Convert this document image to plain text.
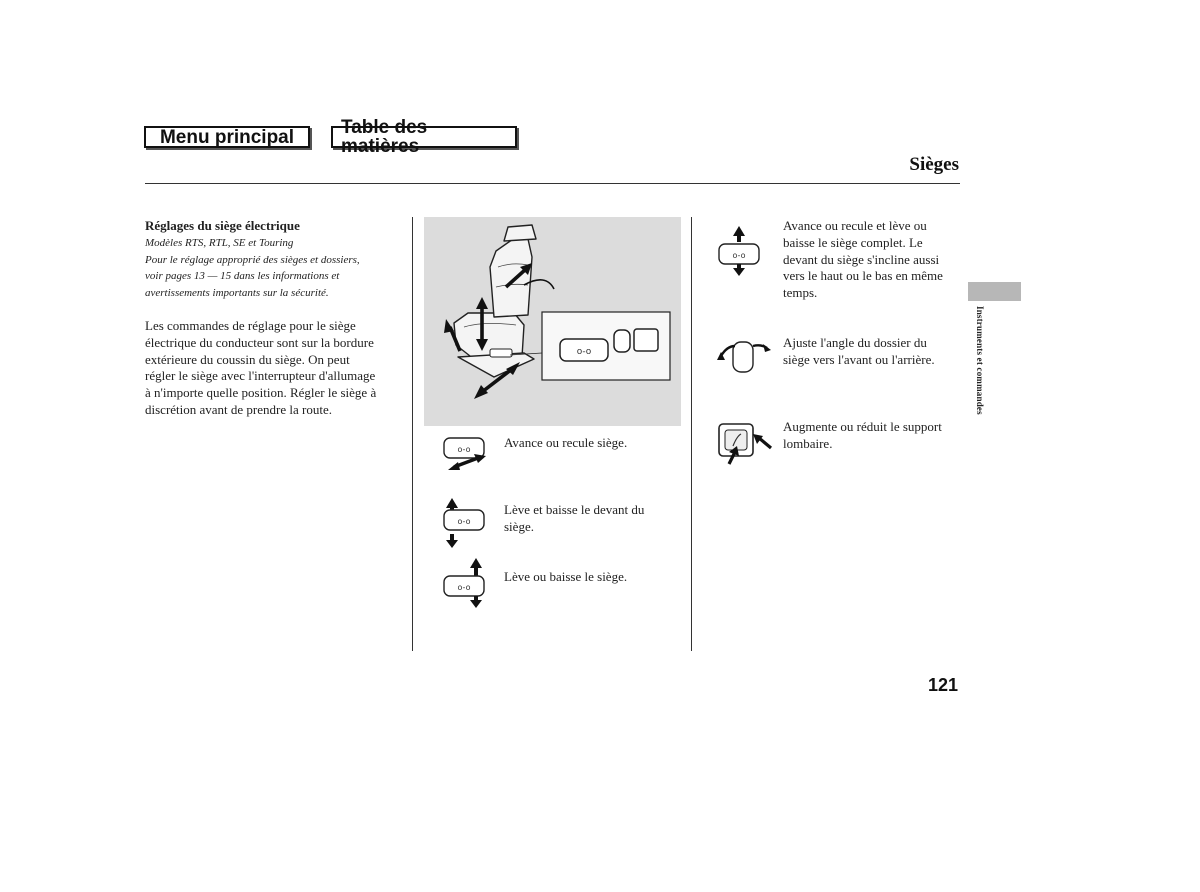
Menu principal	Table des matières
Sièges
Réglages du siège électrique
Modèles RTS, RTL, SE et Touring
Pour le réglage approprié des sièges et dossiers,
voir pages 13 — 15 dans les informations et
avertissements importants sur la sécurité.
Les commandes de réglage pour le siège
électrique du conducteur sont sur la bordure
extérieure du coussin du siège. On peut
régler le siège avec l'interrupteur d'allumage
à n'importe quelle position. Régler le siège à
discrétion avant de prendre la route.
o-o
o-o
o-o
o-o
Avance ou recule siège.
Lève et baisse le devant du
siège.
Lève ou baisse le siège.
o-o
Avance ou recule et lève ou
baisse le siège complet. Le
devant du siège s'incline aussi
vers le haut ou le bas en même
temps.
Ajuste l'angle du dossier du
siège vers l'avant ou l'arrière.
Augmente ou réduit le support
lombaire.
Instruments et commandes
121
